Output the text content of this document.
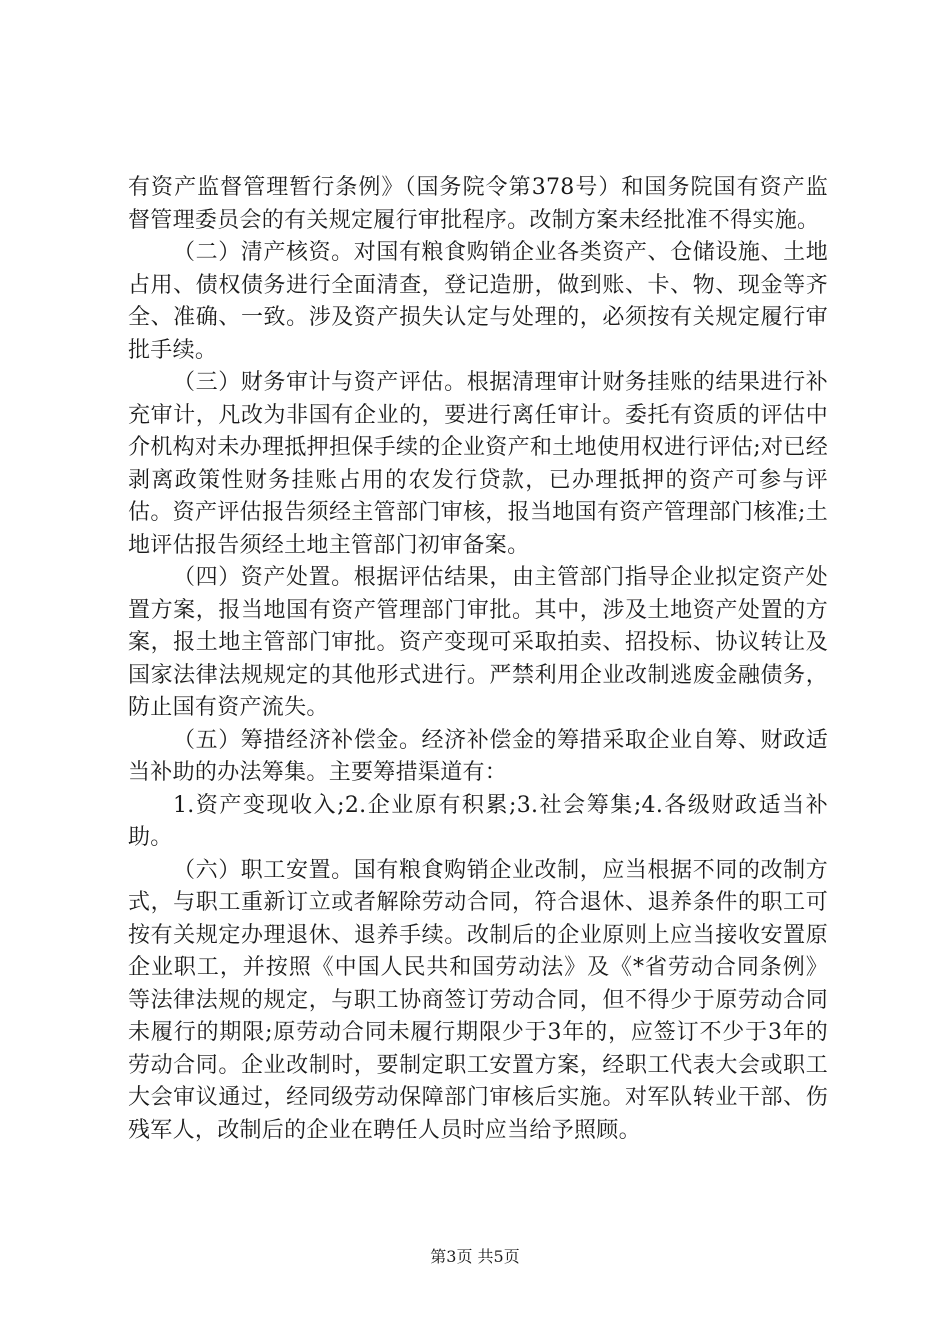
有资产监督管理暂行条例》（国务院令第378号）和国务院国有资产监督管理委员会的有关规定履行审批程序。改制方案未经批准不得实施。

（二）清产核资。对国有粮食购销企业各类资产、仓储设施、土地占用、债权债务进行全面清查，登记造册，做到账、卡、物、现金等齐全、准确、一致。涉及资产损失认定与处理的，必须按有关规定履行审批手续。

（三）财务审计与资产评估。根据清理审计财务挂账的结果进行补充审计，凡改为非国有企业的，要进行离任审计。委托有资质的评估中介机构对未办理抵押担保手续的企业资产和土地使用权进行评估;对已经剥离政策性财务挂账占用的农发行贷款，已办理抵押的资产可参与评估。资产评估报告须经主管部门审核，报当地国有资产管理部门核准;土地评估报告须经土地主管部门初审备案。

（四）资产处置。根据评估结果，由主管部门指导企业拟定资产处置方案，报当地国有资产管理部门审批。其中，涉及土地资产处置的方案，报土地主管部门审批。资产变现可采取拍卖、招投标、协议转让及国家法律法规规定的其他形式进行。严禁利用企业改制逃废金融债务，防止国有资产流失。

（五）筹措经济补偿金。经济补偿金的筹措采取企业自筹、财政适当补助的办法筹集。主要筹措渠道有：

1.资产变现收入;2.企业原有积累;3.社会筹集;4.各级财政适当补助。

（六）职工安置。国有粮食购销企业改制，应当根据不同的改制方式，与职工重新订立或者解除劳动合同，符合退休、退养条件的职工可按有关规定办理退休、退养手续。改制后的企业原则上应当接收安置原企业职工，并按照《中国人民共和国劳动法》及《*省劳动合同条例》等法律法规的规定，与职工协商签订劳动合同，但不得少于原劳动合同未履行的期限;原劳动合同未履行期限少于3年的，应签订不少于3年的劳动合同。企业改制时，要制定职工安置方案，经职工代表大会或职工大会审议通过，经同级劳动保障部门审核后实施。对军队转业干部、伤残军人，改制后的企业在聘任人员时应当给予照顾。

第3页 共5页
